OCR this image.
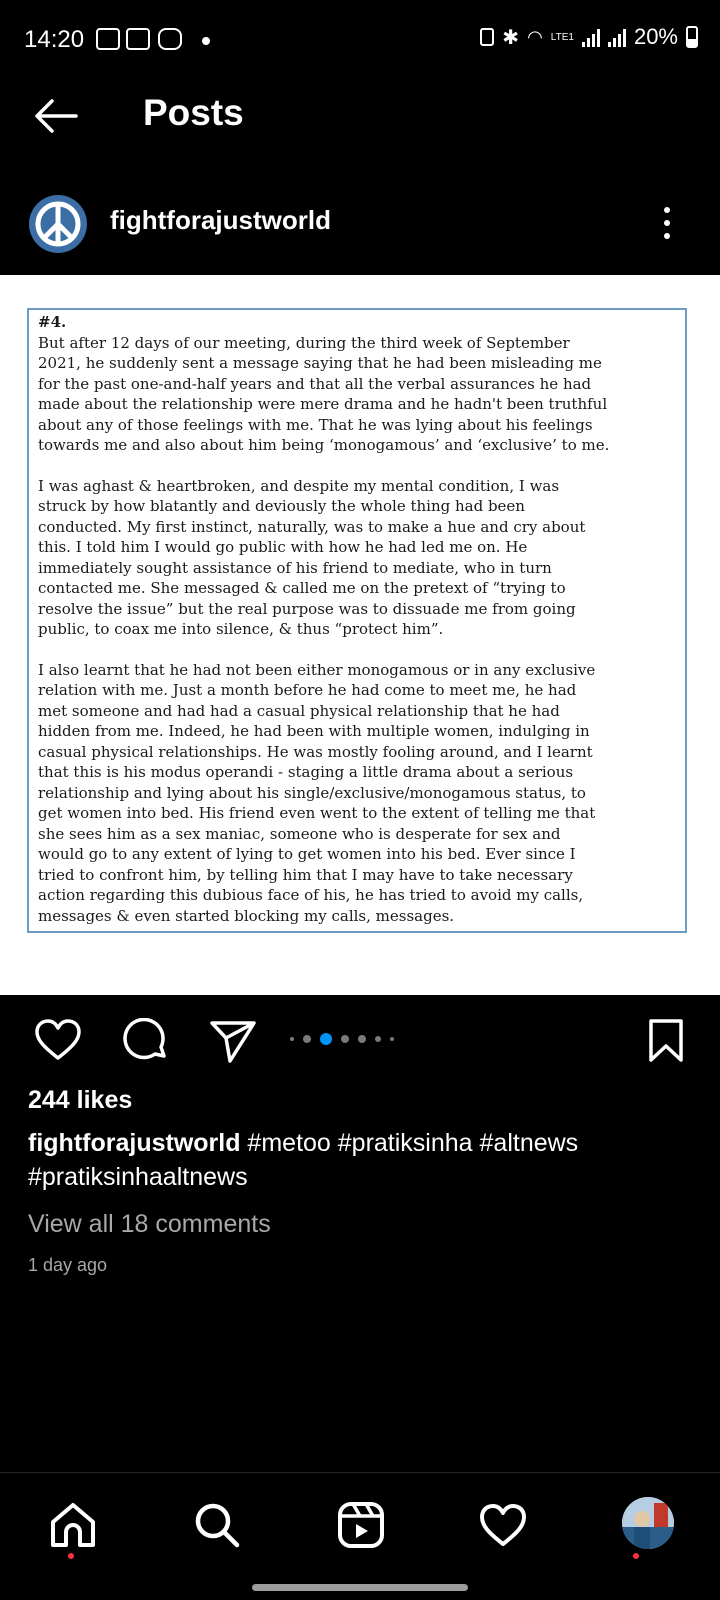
14:20	✱ ◠ LTE1	20%
Posts
fightforajustworld

#4.

But after 12 days of our meeting, during the third week of September
2021, he suddenly sent a message saying that he had been misleading me
for the past one-and-half years and that all the verbal assurances he had
made about the relationship were mere drama and he hadn't been truthful
about any of those feelings with me. That he was lying about his feelings
towards me and also about him being ‘monogamous’ and ‘exclusive’ to me.

I was aghast & heartbroken, and despite my mental condition, I was
struck by how blatantly and deviously the whole thing had been
conducted. My first instinct, naturally, was to make a hue and cry about
this. I told him I would go public with how he had led me on. He
immediately sought assistance of his friend to mediate, who in turn
contacted me. She messaged & called me on the pretext of “trying to
resolve the issue” but the real purpose was to dissuade me from going
public, to coax me into silence, & thus “protect him”.

I also learnt that he had not been either monogamous or in any exclusive
relation with me. Just a month before he had come to meet me, he had
met someone and had had a casual physical relationship that he had
hidden from me. Indeed, he had been with multiple women, indulging in
casual physical relationships. He was mostly fooling around, and I learnt
that this is his modus operandi - staging a little drama about a serious
relationship and lying about his single/exclusive/monogamous status, to
get women into bed. His friend even went to the extent of telling me that
she sees him as a sex maniac, someone who is desperate for sex and
would go to any extent of lying to get women into his bed. Ever since I
tried to confront him, by telling him that I may have to take necessary
action regarding this dubious face of his, he has tried to avoid my calls,
messages & even started blocking my calls, messages.

244 likes
fightforajustworld #metoo #pratiksinha #altnews #pratiksinhaaltnews
View all 18 comments
1 day ago
